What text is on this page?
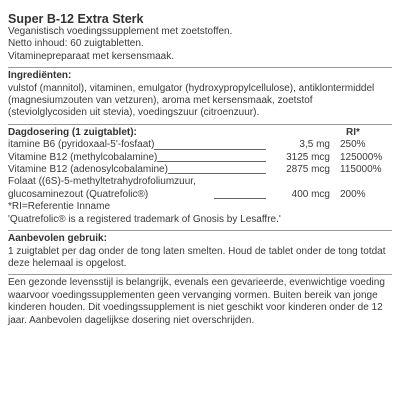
Super B-12 Extra Sterk
Veganistisch voedingssupplement met zoetstoffen.
Netto inhoud: 60 zuigtabletten.
Vitaminepreparaat met kersensmaak.
Ingrediënten:

vulstof (mannitol), vitaminen, emulgator (hydroxypropylcellulose), antiklontermiddel (magnesiumzouten van vetzuren), aroma met kersensmaak, zoetstof (steviolglycosiden uit stevia), voedingszuur (citroenzuur).

Dagdosering (1 zuigtablet):	RI*
itamine B6 (pyridoxaal-5'-fosfaat)	3,5 mg	250%
Vitamine B12 (methylcobalamine)	3125 mcg	125000%
Vitamine B12 (adenosylcobalamine)	2875 mcg	115000%
Folaat ((6S)-5-methyltetrahydrofoliumzuur, glucosaminezout (Quatrefolic®)	400 mcg	200%
*RI=Referentie Inname
'Quatrefolic® is a registered trademark of Gnosis by Lesaffre.'
Aanbevolen gebruik:

1 zuigtablet per dag onder de tong laten smelten. Houd de tablet onder de tong totdat deze helemaal is opgelost.

Een gezonde levensstijl is belangrijk, evenals een gevarieerde, evenwichtige voeding waarvoor voedingssupplementen geen vervanging vormen. Buiten bereik van jonge kinderen houden. Dit voedingssupplement is niet geschikt voor kinderen onder de 12 jaar. Aanbevolen dagelijkse dosering niet overschrijden.
